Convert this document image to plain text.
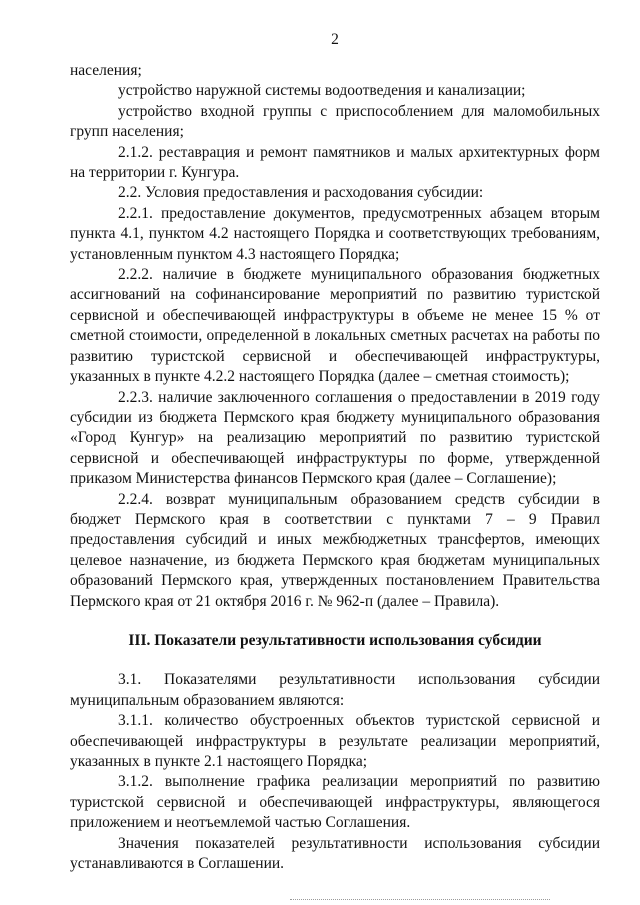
2

населения;

устройство наружной системы водоотведения и канализации;

устройство входной группы с приспособлением для маломобильных групп населения;

2.1.2. реставрация и ремонт памятников и малых архитектурных форм на территории г. Кунгура.

2.2. Условия предоставления и расходования субсидии:

2.2.1. предоставление документов, предусмотренных абзацем вторым пункта 4.1, пунктом 4.2 настоящего Порядка и соответствующих требованиям, установленным пунктом 4.3 настоящего Порядка;

2.2.2. наличие в бюджете муниципального образования бюджетных ассигнований на софинансирование мероприятий по развитию туристской сервисной и обеспечивающей инфраструктуры в объеме не менее 15 % от сметной стоимости, определенной в локальных сметных расчетах на работы по развитию туристской сервисной и обеспечивающей инфраструктуры, указанных в пункте 4.2.2 настоящего Порядка (далее – сметная стоимость);

2.2.3. наличие заключенного соглашения о предоставлении в 2019 году субсидии из бюджета Пермского края бюджету муниципального образования «Город Кунгур» на реализацию мероприятий по развитию туристской сервисной и обеспечивающей инфраструктуры по форме, утвержденной приказом Министерства финансов Пермского края (далее – Соглашение);

2.2.4. возврат муниципальным образованием средств субсидии в бюджет Пермского края в соответствии с пунктами 7 – 9 Правил предоставления субсидий и иных межбюджетных трансфертов, имеющих целевое назначение, из бюджета Пермского края бюджетам муниципальных образований Пермского края, утвержденных постановлением Правительства Пермского края от 21 октября 2016 г. № 962-п (далее – Правила).

III. Показатели результативности использования субсидии

3.1. Показателями результативности использования субсидии муниципальным образованием являются:

3.1.1. количество обустроенных объектов туристской сервисной и обеспечивающей инфраструктуры в результате реализации мероприятий, указанных в пункте 2.1 настоящего Порядка;

3.1.2. выполнение графика реализации мероприятий по развитию туристской сервисной и обеспечивающей инфраструктуры, являющегося приложением и неотъемлемой частью Соглашения.

Значения показателей результативности использования субсидии устанавливаются в Соглашении.
